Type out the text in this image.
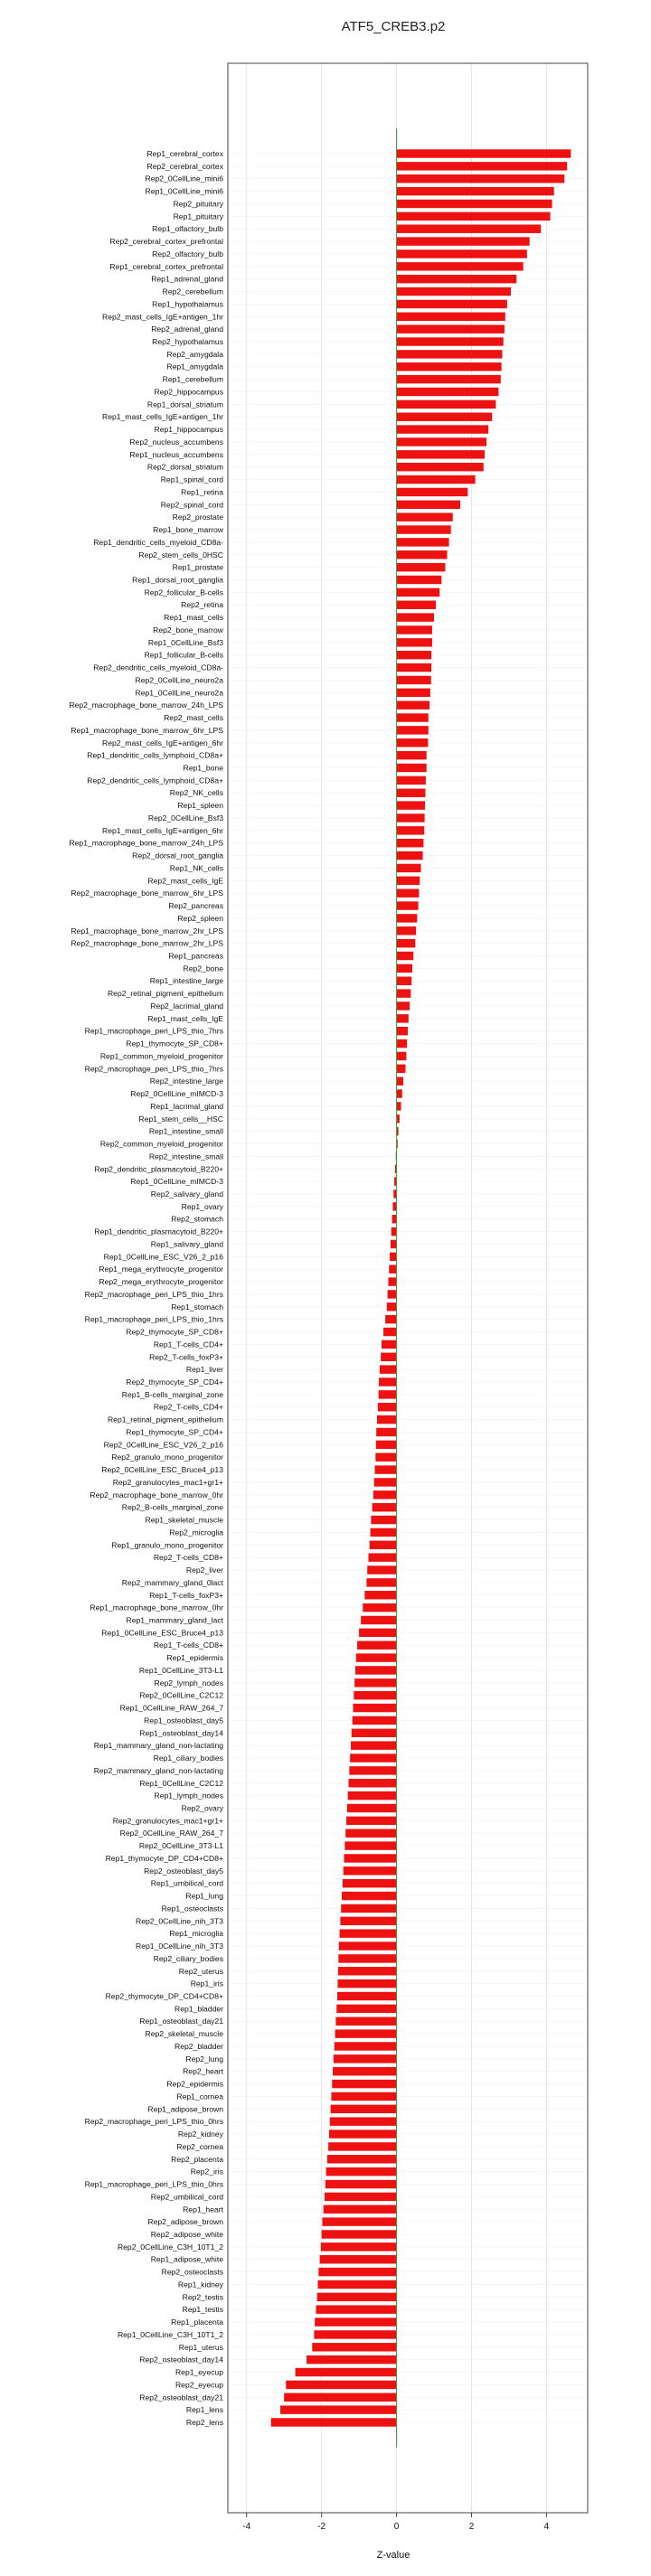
ATF5_CREB3.p2
Rep1_cerebral_cortex
Rep2_cerebral_cortex
Rep2_0CellLine_mini6
Rep1_0CellLine_mini6
Rep2_pituitary
Rep1_pituitary
Rep1_olfactory_bulb
Rep2_cerebral_cortex_prefrontal
Rep2_olfactory_bulb
Rep1_cerebral_cortex_prefrontal
Rep1_adrenal_gland
Rep2_cerebellum
Rep1_hypothalamus
Rep2_mast_cells_IgE+antigen_1hr
Rep2_adrenal_gland
Rep2_hypothalamus
Rep2_amygdala
Rep1_amygdala
Rep1_cerebellum
Rep2_hippocampus
Rep1_dorsal_striatum
Rep1_mast_cells_IgE+antigen_1hr
Rep1_hippocampus
Rep2_nucleus_accumbens
Rep1_nucleus_accumbens
Rep2_dorsal_striatum
Rep1_spinal_cord
Rep1_retina
Rep2_spinal_cord
Rep2_prostate
Rep1_bone_marrow
Rep1_dendritic_cells_myeloid_CD8a-
Rep2_stem_cells_0HSC
Rep1_prostate
Rep1_dorsal_root_ganglia
Rep2_follicular_B-cells
Rep2_retina
Rep1_mast_cells
Rep2_bone_marrow
Rep1_0CellLine_Bsf3
Rep1_follicular_B-cells
Rep2_dendritic_cells_myeloid_CD8a-
Rep2_0CellLine_neuro2a
Rep1_0CellLine_neuro2a
Rep2_macrophage_bone_marrow_24h_LPS
Rep2_mast_cells
Rep1_macrophage_bone_marrow_6hr_LPS
Rep2_mast_cells_IgE+antigen_6hr
Rep1_dendritic_cells_lymphoid_CD8a+
Rep1_bone
Rep2_dendritic_cells_lymphoid_CD8a+
Rep2_NK_cells
Rep1_spleen
Rep2_0CellLine_Bsf3
Rep1_mast_cells_IgE+antigen_6hr
Rep1_macrophage_bone_marrow_24h_LPS
Rep2_dorsal_root_ganglia
Rep1_NK_cells
Rep2_mast_cells_IgE
Rep2_macrophage_bone_marrow_6hr_LPS
Rep2_pancreas
Rep2_spleen
Rep1_macrophage_bone_marrow_2hr_LPS
Rep2_macrophage_bone_marrow_2hr_LPS
Rep1_pancreas
Rep2_bone
Rep1_intestine_large
Rep2_retinal_pigment_epithelium
Rep2_lacrimal_gland
Rep1_mast_cells_IgE
Rep1_macrophage_peri_LPS_thio_7hrs
Rep1_thymocyte_SP_CD8+
Rep1_common_myeloid_progenitor
Rep2_macrophage_peri_LPS_thio_7hrs
Rep2_intestine_large
Rep2_0CellLine_mIMCD-3
Rep1_lacrimal_gland
Rep1_stem_cells__HSC
Rep1_intestine_small
Rep2_common_myeloid_progenitor
Rep2_intestine_small
Rep2_dendritic_plasmacytoid_B220+
Rep1_0CellLine_mIMCD-3
Rep2_salivary_gland
Rep1_ovary
Rep2_stomach
Rep1_dendritic_plasmacytoid_B220+
Rep1_salivary_gland
Rep1_0CellLine_ESC_V26_2_p16
Rep1_mega_erythrocyte_progenitor
Rep2_mega_erythrocyte_progenitor
Rep2_macrophage_peri_LPS_thio_1hrs
Rep1_stomach
Rep1_macrophage_peri_LPS_thio_1hrs
Rep2_thymocyte_SP_CD8+
Rep1_T-cells_CD4+
Rep2_T-cells_foxP3+
Rep1_liver
Rep2_thymocyte_SP_CD4+
Rep1_B-cells_marginal_zone
Rep2_T-cells_CD4+
Rep1_retinal_pigment_epithelium
Rep1_thymocyte_SP_CD4+
Rep2_0CellLine_ESC_V26_2_p16
Rep2_granulo_mono_progenitor
Rep2_0CellLine_ESC_Bruce4_p13
Rep2_granulocytes_mac1+gr1+
Rep2_macrophage_bone_marrow_0hr
Rep2_B-cells_marginal_zone
Rep1_skeletal_muscle
Rep2_microglia
Rep1_granulo_mono_progenitor
Rep2_T-cells_CD8+
Rep2_liver
Rep2_mammary_gland_0lact
Rep1_T-cells_foxP3+
Rep1_macrophage_bone_marrow_0hr
Rep1_mammary_gland_lact
Rep1_0CellLine_ESC_Bruce4_p13
Rep1_T-cells_CD8+
Rep1_epidermis
Rep1_0CellLine_3T3-L1
Rep2_lymph_nodes
Rep2_0CellLine_C2C12
Rep1_0CellLine_RAW_264_7
Rep1_osteoblast_day5
Rep1_osteoblast_day14
Rep1_mammary_gland_non-lactating
Rep1_ciliary_bodies
Rep2_mammary_gland_non-lactating
Rep1_0CellLine_C2C12
Rep1_lymph_nodes
Rep2_ovary
Rep2_granulocytes_mac1+gr1+
Rep2_0CellLine_RAW_264_7
Rep2_0CellLine_3T3-L1
Rep1_thymocyte_DP_CD4+CD8+
Rep2_osteoblast_day5
Rep1_umbilical_cord
Rep1_lung
Rep1_osteoclasts
Rep2_0CellLine_nih_3T3
Rep1_microglia
Rep1_0CellLine_nih_3T3
Rep2_ciliary_bodies
Rep2_uterus
Rep1_iris
Rep2_thymocyte_DP_CD4+CD8+
Rep1_bladder
Rep1_osteoblast_day21
Rep2_skeletal_muscle
Rep2_bladder
Rep2_lung
Rep2_heart
Rep2_epidermis
Rep1_cornea
Rep1_adipose_brown
Rep2_macrophage_peri_LPS_thio_0hrs
Rep2_kidney
Rep2_cornea
Rep2_placenta
Rep2_iris
Rep1_macrophage_peri_LPS_thio_0hrs
Rep2_umbilical_cord
Rep1_heart
Rep2_adipose_brown
Rep2_adipose_white
Rep2_0CellLine_C3H_10T1_2
Rep1_adipose_white
Rep2_osteoclasts
Rep1_kidney
Rep2_testis
Rep1_testis
Rep1_placenta
Rep1_0CellLine_C3H_10T1_2
Rep1_uterus
Rep2_osteoblast_day14
Rep1_eyecup
Rep2_eyecup
Rep2_osteoblast_day21
Rep1_lens
Rep2_lens
-4	-2	0	2	4
Z-value
